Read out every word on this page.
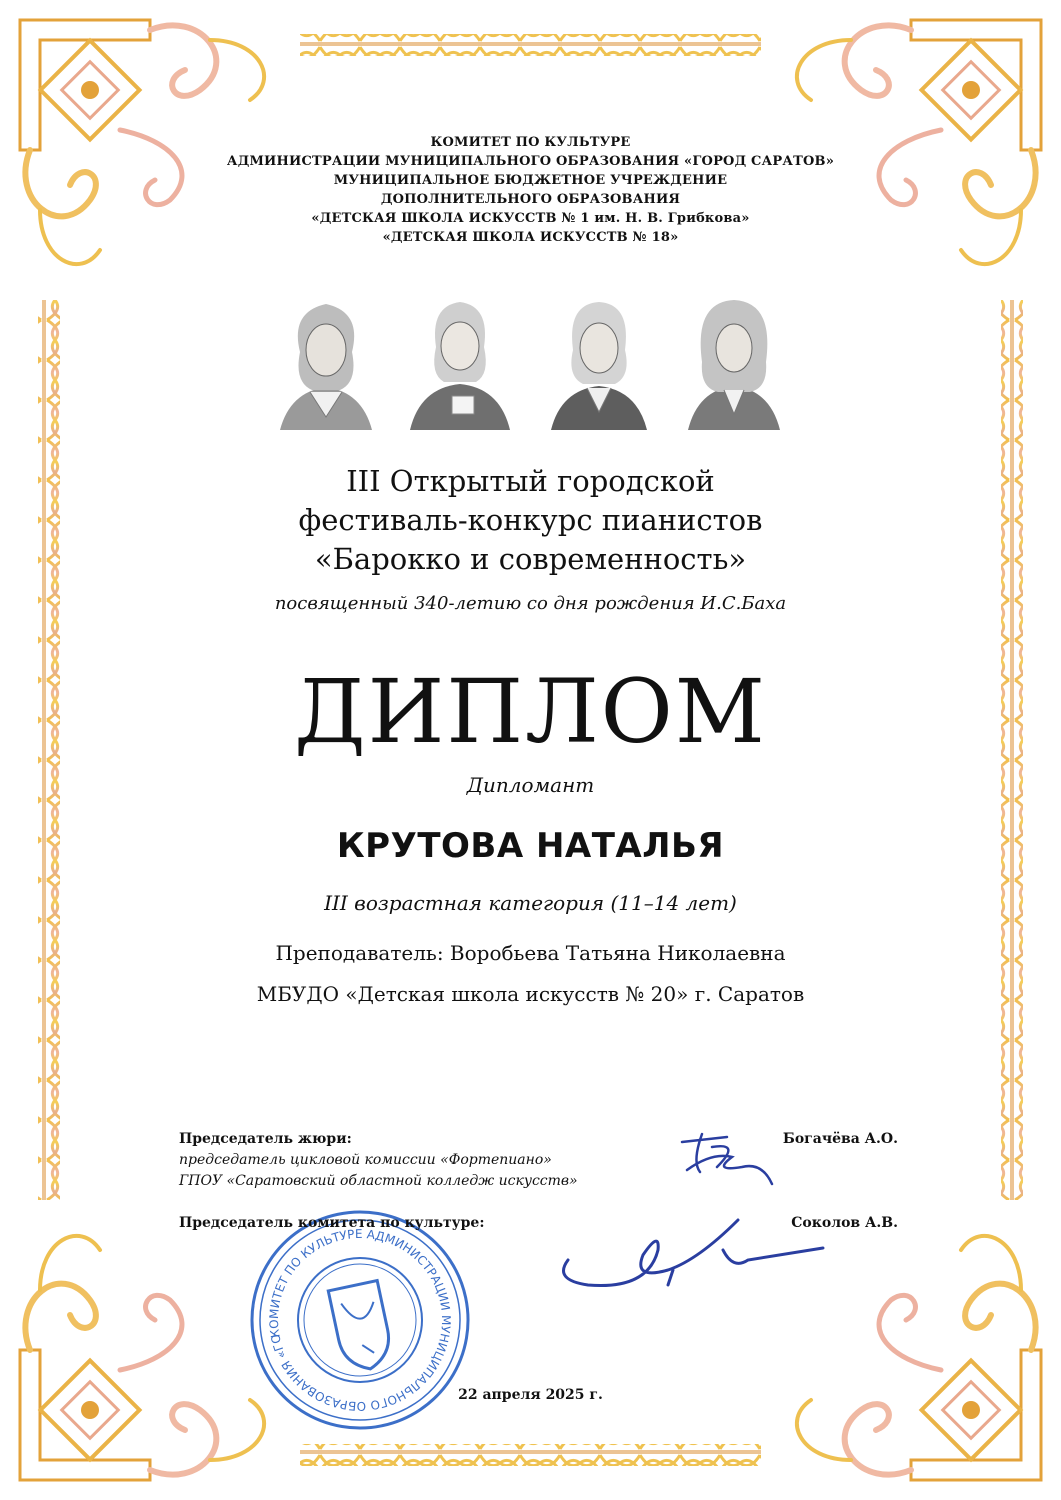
КОМИТЕТ ПО КУЛЬТУРЕ
АДМИНИСТРАЦИИ МУНИЦИПАЛЬНОГО ОБРАЗОВАНИЯ «ГОРОД САРАТОВ»
МУНИЦИПАЛЬНОЕ БЮДЖЕТНОЕ УЧРЕЖДЕНИЕ
ДОПОЛНИТЕЛЬНОГО ОБРАЗОВАНИЯ
«ДЕТСКАЯ ШКОЛА ИСКУССТВ № 1 им. Н. В. Грибкова»
«ДЕТСКАЯ ШКОЛА ИСКУССТВ № 18»
III Открытый городской
фестиваль-конкурс пианистов
«Барокко и современность»
посвященный 340-летию со дня рождения И.С.Баха
ДИПЛОМ
Дипломант
КРУТОВА НАТАЛЬЯ
III возрастная категория (11–14 лет)
Преподаватель: Воробьева Татьяна Николаевна
МБУДО «Детская школа искусств № 20» г. Саратов
КОМИТЕТ ПО КУЛЬТУРЕ АДМИНИСТРАЦИИ МУНИЦИПАЛЬНОГО ОБРАЗОВАНИЯ «ГОРОД
Председатель жюри:
председатель цикловой комиссии «Фортепиано»
ГПОУ «Саратовский областной колледж искусств»
Богачёва А.О.
Председатель комитета по культуре:	Соколов А.В.
22 апреля 2025 г.
